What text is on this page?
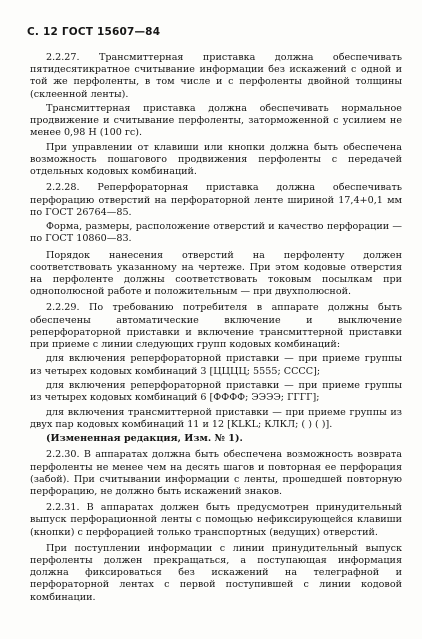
С. 12 ГОСТ 15607—84

2.2.27. Трансмиттерная приставка должна обеспечивать пятидесятикратное считывание информации без искажений с одной и той же перфоленты, в том числе и с перфоленты двойной толщины (склеенной ленты).

Трансмиттерная приставка должна обеспечивать нормальное продвижение и считывание перфоленты, заторможенной с усилием не менее 0,98 Н (100 гс).

При управлении от клавиши или кнопки должна быть обеспечена возможность пошагового продвижения перфоленты с передачей отдельных кодовых комбинаций.

2.2.28. Реперфораторная приставка должна обеспечивать перфорацию отверстий на перфораторной ленте шириной 17,4+0,1 мм по ГОСТ 26764—85.

Форма, размеры, расположение отверстий и качество перфорации — по ГОСТ 10860—83.

Порядок нанесения отверстий на перфоленту должен соответствовать указанному на чертеже. При этом кодовые отверстия на перфоленте должны соответствовать токовым посылкам при однополюсной работе и положительным — при двухполюсной.

2.2.29. По требованию потребителя в аппарате должны быть обеспечены автоматические включение и выключение реперфораторной приставки и включение трансмиттерной приставки при приеме с линии следующих групп кодовых комбинаций:

для включения реперфораторной приставки — при приеме группы из четырех кодовых комбинаций 3 [ЦЦЦЦ; 5555; СССС];

для включения реперфораторной приставки — при приеме группы из четырех кодовых комбинаций 6 [ФФФФ; ЭЭЭЭ; ГГГГ];

для включения трансмиттерной приставки — при приеме группы из двух пар кодовых комбинаций 11 и 12 [KLKL; КЛКЛ; ( ) ( )].

(Измененная редакция, Изм. № 1).

2.2.30. В аппаратах должна быть обеспечена возможность возврата перфоленты не менее чем на десять шагов и повторная ее перфорация (забой). При считывании информации с ленты, прошедшей повторную перфорацию, не должно быть искажений знаков.

2.2.31. В аппаратах должен быть предусмотрен принудительный выпуск перфорационной ленты с помощью нефиксирующейся клавиши (кнопки) с перфорацией только транспортных (ведущих) отверстий.

При поступлении информации с линии принудительный выпуск перфоленты должен прекращаться, а поступающая информация должна фиксироваться без искажений на телеграфной и перфораторной лентах с первой поступившей с линии кодовой комбинации.
